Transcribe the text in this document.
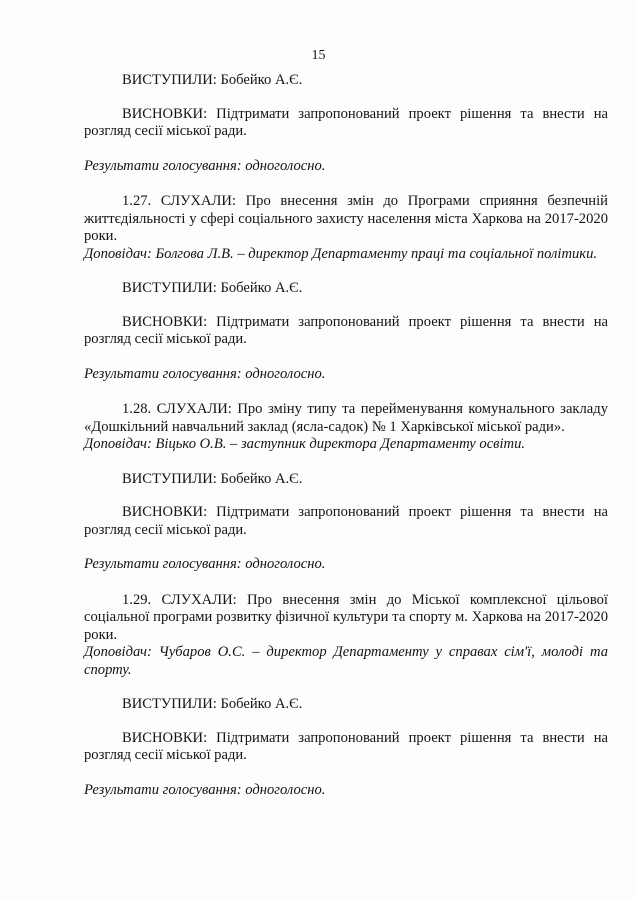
15

ВИСТУПИЛИ: Бобейко А.Є.

ВИСНОВКИ: Підтримати запропонований проект рішення та внести на розгляд сесії міської ради.

Результати голосування: одноголосно.

1.27. СЛУХАЛИ: Про внесення змін до Програми сприяння безпечній життєдіяльності у сфері соціального захисту населення міста Харкова на 2017-2020 роки.

Доповідач: Болгова Л.В. – директор Департаменту праці та соціальної політики.

ВИСТУПИЛИ: Бобейко А.Є.

ВИСНОВКИ: Підтримати запропонований проект рішення та внести на розгляд сесії міської ради.

Результати голосування: одноголосно.

1.28. СЛУХАЛИ: Про зміну типу та перейменування комунального закладу «Дошкільний навчальний заклад (ясла-садок) № 1 Харківської міської ради».

Доповідач: Віцько О.В. – заступник директора Департаменту освіти.

ВИСТУПИЛИ: Бобейко А.Є.

ВИСНОВКИ: Підтримати запропонований проект рішення та внести на розгляд сесії міської ради.

Результати голосування: одноголосно.

1.29. СЛУХАЛИ: Про внесення змін до Міської комплексної цільової соціальної програми розвитку фізичної культури та спорту м. Харкова на 2017-2020 роки.

Доповідач: Чубаров О.С. – директор Департаменту у справах сім'ї, молоді та спорту.

ВИСТУПИЛИ: Бобейко А.Є.

ВИСНОВКИ: Підтримати запропонований проект рішення та внести на розгляд сесії міської ради.

Результати голосування: одноголосно.
